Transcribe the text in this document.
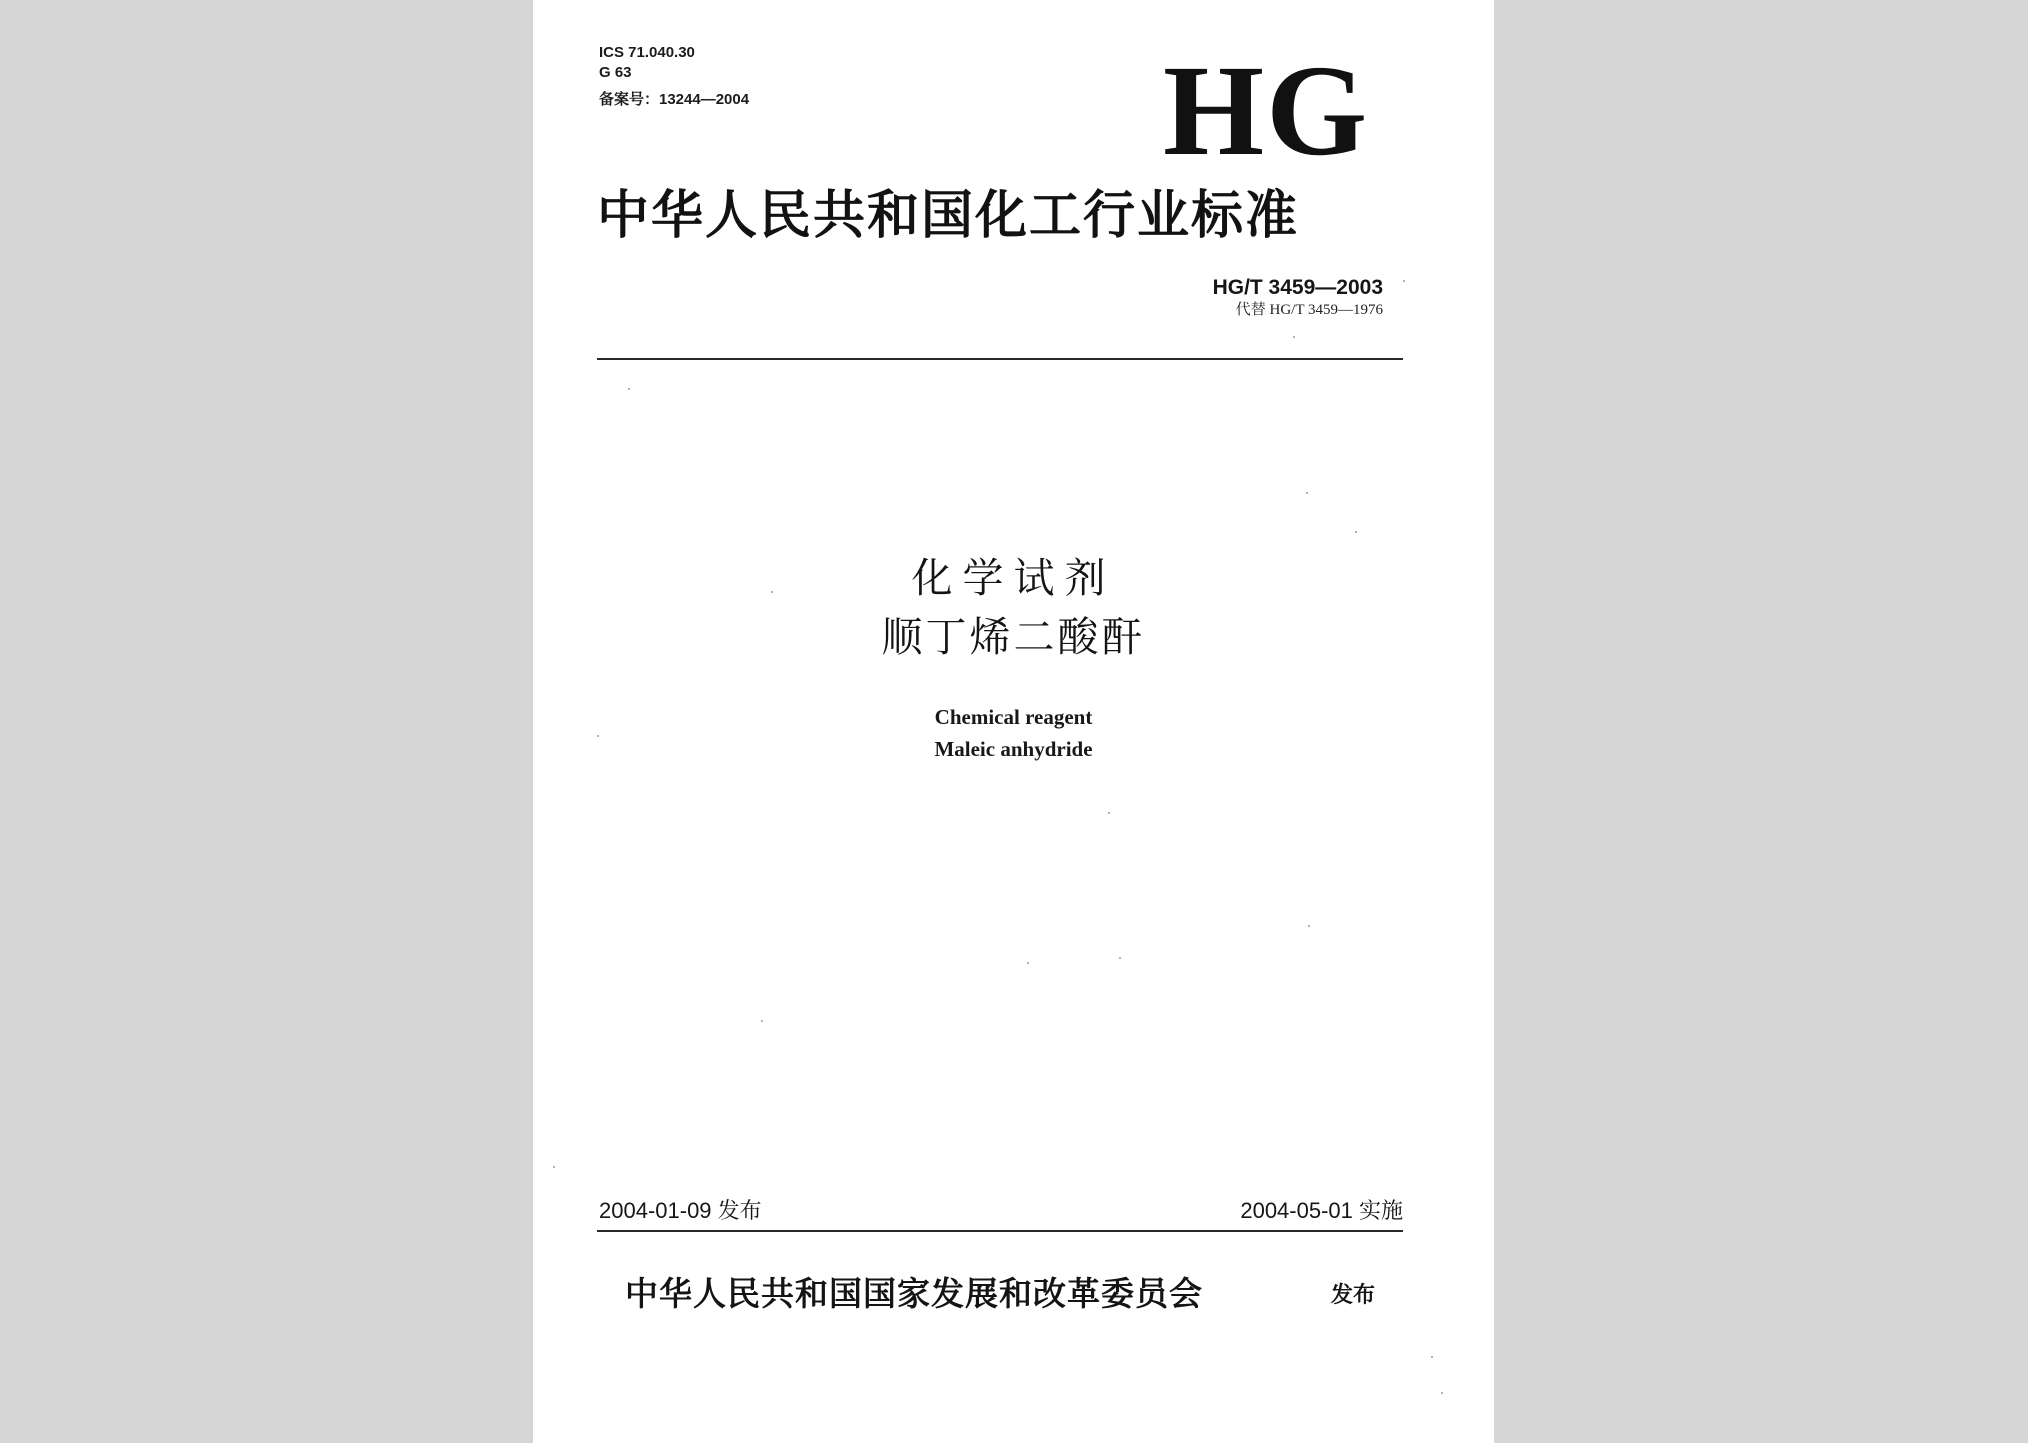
ICS 71.040.30
G 63
备案号：13244—2004	HG
中华人民共和国化工行业标准
HG/T 3459—2003
代替 HG/T 3459—1976
化学试剂
顺丁烯二酸酐
Chemical reagent
Maleic anhydride
2004-01-09 发布	2004-05-01 实施
中华人民共和国国家发展和改革委员会	发布
